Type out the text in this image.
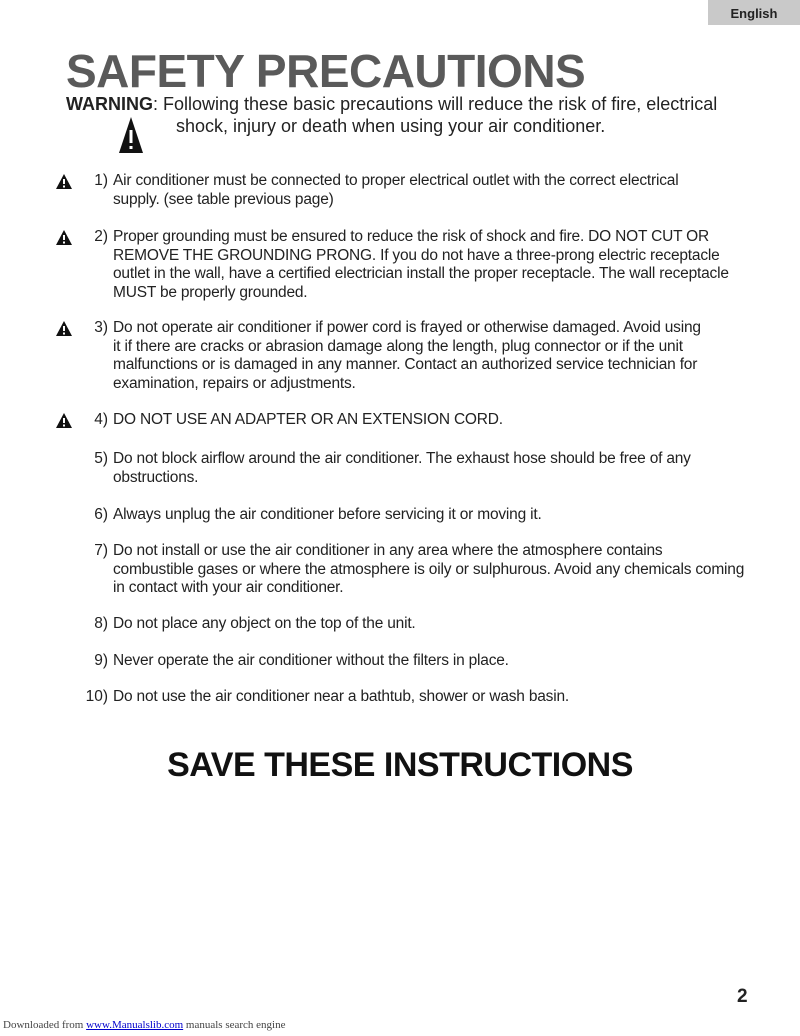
English
SAFETY PRECAUTIONS
WARNING: Following these basic precautions will reduce the risk of fire, electrical
shock, injury or death when using your air conditioner.
1) Air conditioner must be connected to proper electrical outlet with the correct electrical
supply. (see table previous page)
2) Proper grounding must be ensured to reduce the risk of shock and fire. DO NOT CUT OR
REMOVE THE GROUNDING PRONG. If you do not have a three-prong electric receptacle
outlet in the wall, have a certified electrician install the proper receptacle. The wall receptacle
MUST be properly grounded.
3) Do not operate air conditioner if power cord is frayed or otherwise damaged. Avoid using
it if there are cracks or abrasion damage along the length, plug connector or if the unit
malfunctions or is damaged in any manner. Contact an authorized service technician for
examination, repairs or adjustments.
4) DO NOT USE AN ADAPTER OR AN EXTENSION CORD.
5) Do not block airflow around the air conditioner. The exhaust hose should be free of any
obstructions.
6) Always unplug the air conditioner before servicing it or moving it.
7) Do not install or use the air conditioner in any area where the atmosphere contains
combustible gases or where the atmosphere is oily or sulphurous. Avoid any chemicals coming
in contact with your air conditioner.
8) Do not place any object on the top of the unit.
9) Never operate the air conditioner without the filters in place.
10) Do not use the air conditioner near a bathtub, shower or wash basin.
SAVE THESE INSTRUCTIONS
2
Downloaded from www.Manualslib.com manuals search engine
